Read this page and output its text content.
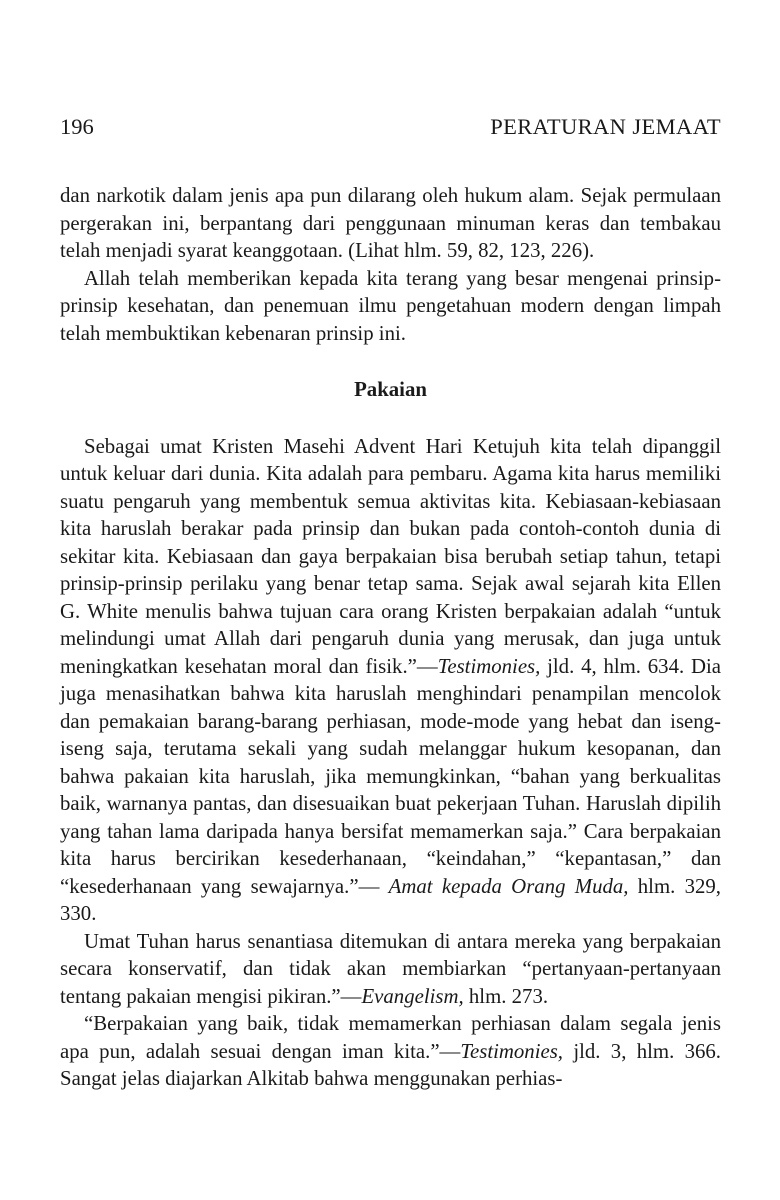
196	PERATURAN JEMAAT

dan narkotik dalam jenis apa pun dilarang oleh hukum alam. Sejak permulaan pergerakan ini, berpantang dari penggunaan minuman keras dan tembakau telah menjadi syarat keanggotaan. (Lihat hlm. 59, 82, 123, 226).

Allah telah memberikan kepada kita terang yang besar mengenai prinsip-prinsip kesehatan, dan penemuan ilmu pengetahuan modern dengan limpah telah membuktikan kebenaran prinsip ini.

Pakaian

Sebagai umat Kristen Masehi Advent Hari Ketujuh kita telah dipanggil untuk keluar dari dunia. Kita adalah para pembaru. Agama kita harus memiliki suatu pengaruh yang membentuk semua aktivitas kita. Kebiasaan-kebiasaan kita haruslah berakar pada prinsip dan bukan pada contoh-contoh dunia di sekitar kita. Kebiasaan dan gaya berpakaian bisa berubah setiap tahun, tetapi prinsip-prinsip perilaku yang benar tetap sama. Sejak awal sejarah kita Ellen G. White menulis bahwa tujuan cara orang Kristen berpakaian adalah “untuk melindungi umat Allah dari pengaruh dunia yang merusak, dan juga untuk meningkatkan kesehatan moral dan fisik.”—Testimonies, jld. 4, hlm. 634. Dia juga menasihatkan bahwa kita haruslah menghindari penampilan mencolok dan pemakaian barang-barang perhiasan, mode-mode yang hebat dan iseng-iseng saja, terutama sekali yang sudah melanggar hukum kesopanan, dan bahwa pakaian kita haruslah, jika memungkinkan, “bahan yang berkualitas baik, warnanya pantas, dan disesuaikan buat pekerjaan Tuhan. Haruslah dipilih yang tahan lama daripada hanya bersifat memamerkan saja.” Cara berpakaian kita harus bercirikan kesederhanaan, “keindahan,” “kepantasan,” dan “kesederhanaan yang sewajarnya.”— Amat kepada Orang Muda, hlm. 329, 330.

Umat Tuhan harus senantiasa ditemukan di antara mereka yang berpakaian secara konservatif, dan tidak akan membiarkan “pertanyaan-pertanyaan tentang pakaian mengisi pikiran.”—Evangelism, hlm. 273.

“Berpakaian yang baik, tidak memamerkan perhiasan dalam segala jenis apa pun, adalah sesuai dengan iman kita.”—Testimonies, jld. 3, hlm. 366. Sangat jelas diajarkan Alkitab bahwa menggunakan perhias-
